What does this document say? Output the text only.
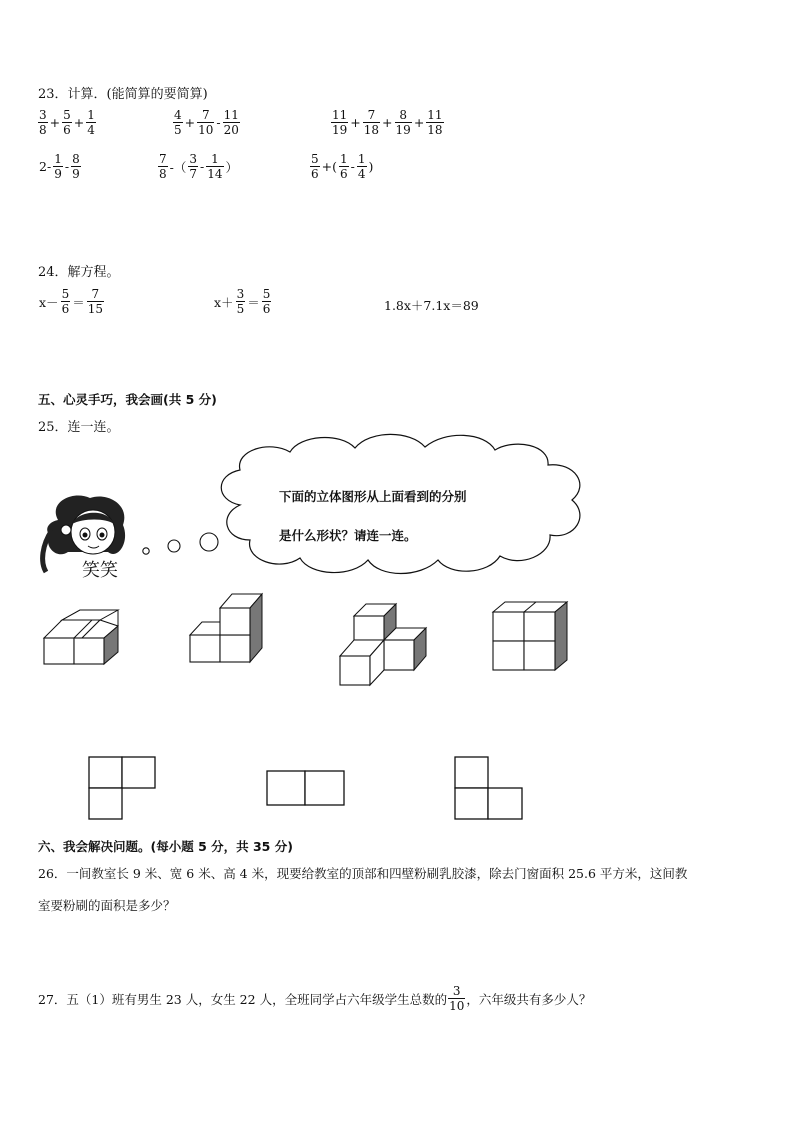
23．计算．(能简算的要简算)
$\frac{3}{8} + \frac{5}{6} + \frac{1}{4}$	$\frac{4}{5} + \frac{7}{10} - \frac{11}{20}$	$\frac{11}{19} + \frac{7}{18} + \frac{8}{19} + \frac{11}{18}$
$2- \frac{1}{9} - \frac{8}{9}$	$\frac{7}{8}$ -（ $\frac{3}{7} - \frac{1}{14}$ ）	$\frac{5}{6}$ +( $\frac{1}{6} - \frac{1}{4}$ )
24．解方程。
$x- \frac{5}{6} = \frac{7}{15}$	$x+ \frac{3}{5} = \frac{5}{6}$	1.8x＋7.1x＝89
五、心灵手巧，我会画(共 5 分)
25．连一连。
下面的立体图形从上面看到的分别
是什么形状？请连一连。
笑笑
六、我会解决问题。(每小题 5 分，共 35 分)
26．一间教室长 9 米、宽 6 米、高 4 米，现要给教室的顶部和四壁粉刷乳胶漆，除去门窗面积 25.6 平方米，这间教
室要粉刷的面积是多少？
27．五（1）班有男生 23 人，女生 22 人，全班同学占六年级学生总数的 $\frac{3}{10}$ ，六年级共有多少人？
